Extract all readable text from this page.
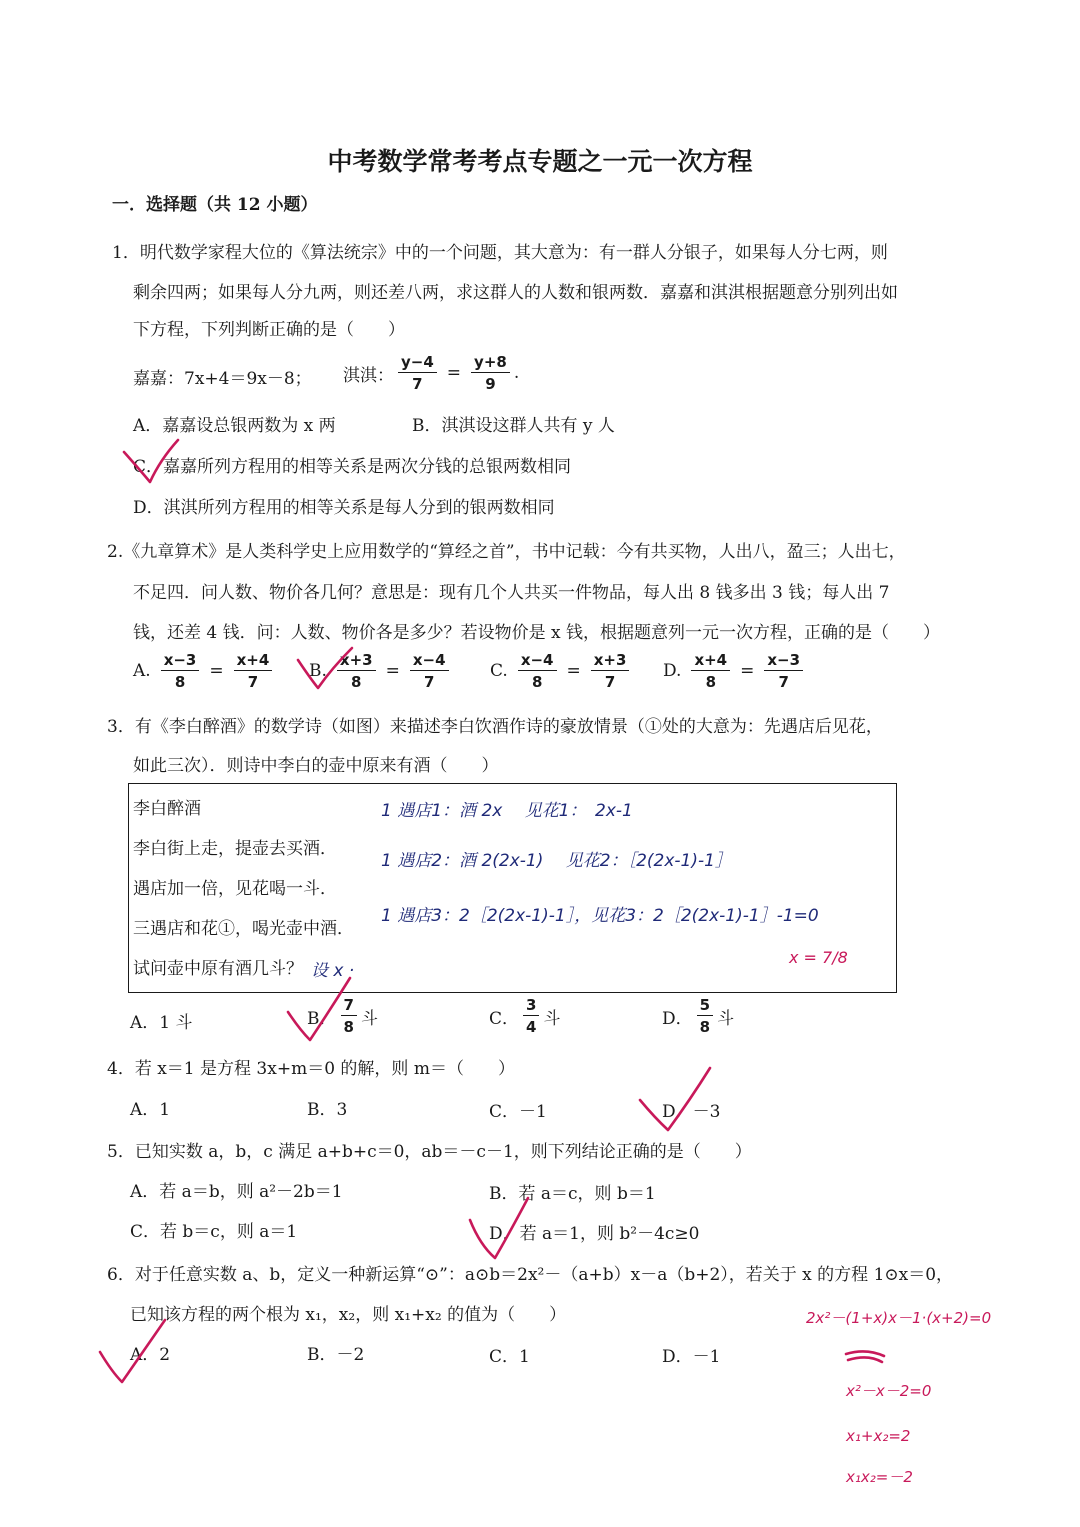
中考数学常考考点专题之一元一次方程
一．选择题（共 12 小题）
1．明代数学家程大位的《算法统宗》中的一个问题，其大意为：有一群人分银子，如果每人分七两，则
剩余四两；如果每人分九两，则还差八两，求这群人的人数和银两数．嘉嘉和淇淇根据题意分别列出如
下方程，下列判断正确的是（　　）
嘉嘉：7x+4＝9x－8； 淇淇： $\frac{y-4}{7} = \frac{y+8}{9}$ .
A．嘉嘉设总银两数为 x 两	B．淇淇设这群人共有 y 人
C．嘉嘉所列方程用的相等关系是两次分钱的总银两数相同
D．淇淇所列方程用的相等关系是每人分到的银两数相同
2.《九章算术》是人类科学史上应用数学的“算经之首”，书中记载：今有共买物，人出八，盈三；人出七，
不足四．问人数、物价各几何？意思是：现有几个人共买一件物品，每人出 8 钱多出 3 钱；每人出 7
钱，还差 4 钱．问：人数、物价各是多少？若设物价是 x 钱，根据题意列一元一次方程，正确的是（　　）
A. $\frac{x-3}{8} = \frac{x+4}{7} B$. $\frac{x+3}{8} = \frac{x-4}{7} C$. $\frac{x-4}{8} = \frac{x+3}{7} D$. $\frac{x+4}{8} = \frac{x-3}{7}$
3．有《李白醉酒》的数学诗（如图）来描述李白饮酒作诗的豪放情景（①处的大意为：先遇店后见花，
如此三次）．则诗中李白的壶中原来有酒（　　）
李白醉酒
李白街上走，提壶去买酒．
遇店加一倍，见花喝一斗．
三遇店和花①，喝光壶中酒．
试问壶中原有酒几斗？
1 遇店1：酒 2x　 见花1：　2x-1
1 遇店2：酒 2(2x-1)　 见花2：［2(2x-1)-1］
1 遇店3：2［2(2x-1)-1］，见花3：2［2(2x-1)-1］-1=0
设 x ·
x = 7/8
A．1 斗	B． $\frac{7}{8}$ 斗	C． $\frac{3}{4}$ 斗	D． $\frac{5}{8}$ 斗
4．若 x＝1 是方程 3x+m＝0 的解，则 m＝（　　）
A．1	B．3	C．－1	D．－3
5．已知实数 a，b，c 满足 a+b+c＝0，ab＝－c－1，则下列结论正确的是（　　）
A．若 a＝b，则 a²－2b＝1	B．若 a＝c，则 b＝1
C．若 b＝c，则 a＝1	D．若 a＝1，则 b²－4c≥0
6．对于任意实数 a、b，定义一种新运算“⊙”：a⊙b＝2x²－（a+b）x－a（b+2），若关于 x 的方程 1⊙x＝0，
已知该方程的两个根为 x₁，x₂，则 x₁+x₂ 的值为（　　）
A．2	B．－2	C．1	D．－1
2x²－(1+x)x－1·(x+2)=0
x²－x－2=0
x₁+x₂=2
x₁x₂=－2
